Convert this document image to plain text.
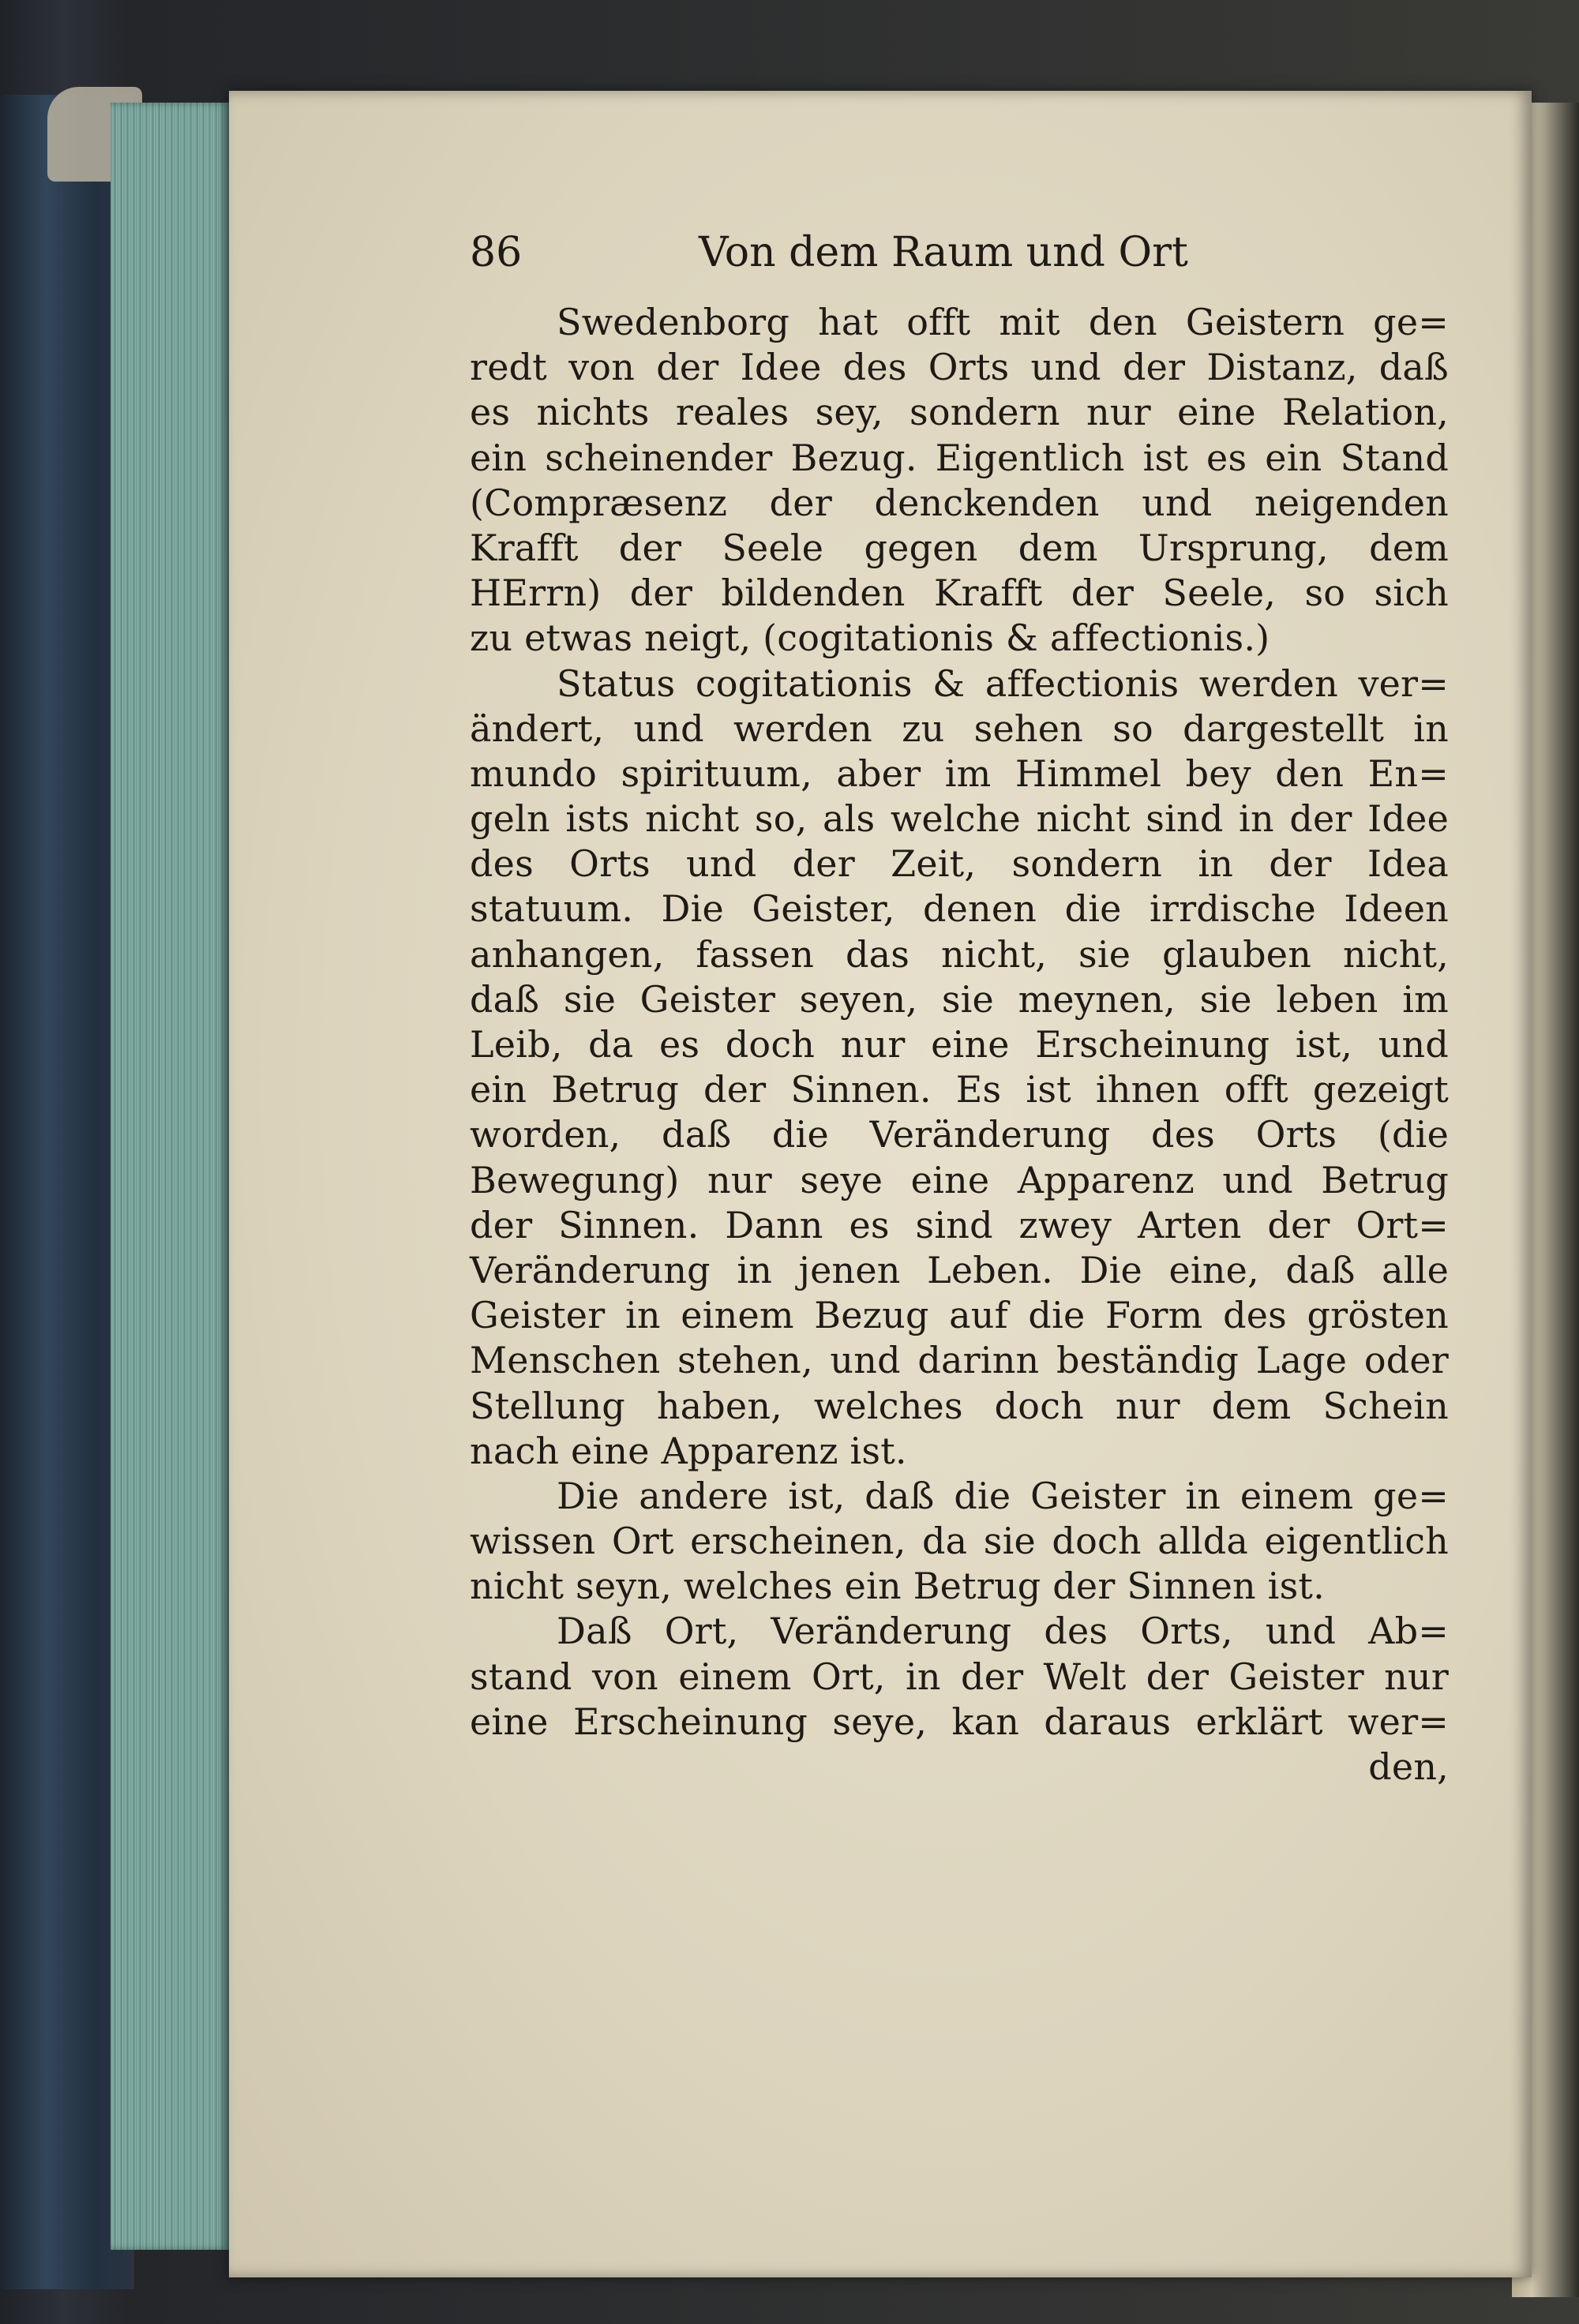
86	Von dem Raum und Ort
Swedenborg hat offt mit den Geistern ge=
redt von der Idee des Orts und der Distanz, daß
es nichts reales sey, sondern nur eine Relation,
ein scheinender Bezug. Eigentlich ist es ein Stand
(Compræsenz der denckenden und neigenden
Krafft der Seele gegen dem Ursprung, dem
HErrn) der bildenden Krafft der Seele, so sich
zu etwas neigt, (cogitationis & affectionis.)
Status cogitationis & affectionis werden ver=
ändert, und werden zu sehen so dargestellt in
mundo spirituum, aber im Himmel bey den En=
geln ists nicht so, als welche nicht sind in der Idee
des Orts und der Zeit, sondern in der Idea
statuum. Die Geister, denen die irrdische Ideen
anhangen, fassen das nicht, sie glauben nicht,
daß sie Geister seyen, sie meynen, sie leben im
Leib, da es doch nur eine Erscheinung ist, und
ein Betrug der Sinnen. Es ist ihnen offt gezeigt
worden, daß die Veränderung des Orts (die
Bewegung) nur seye eine Apparenz und Betrug
der Sinnen. Dann es sind zwey Arten der Ort=
Veränderung in jenen Leben. Die eine, daß alle
Geister in einem Bezug auf die Form des grösten
Menschen stehen, und darinn beständig Lage oder
Stellung haben, welches doch nur dem Schein
nach eine Apparenz ist.
Die andere ist, daß die Geister in einem ge=
wissen Ort erscheinen, da sie doch allda eigentlich
nicht seyn, welches ein Betrug der Sinnen ist.
Daß Ort, Veränderung des Orts, und Ab=
stand von einem Ort, in der Welt der Geister nur
eine Erscheinung seye, kan daraus erklärt wer=
den,
